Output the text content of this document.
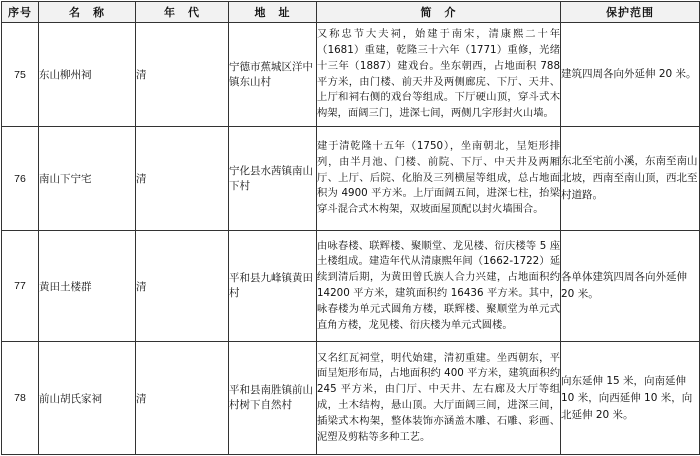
序号	名　称	年　代	地　址	简　介	保护范围
75	东山柳州祠	清	宁德市蕉城区洋中镇东山村	又称忠节大夫祠，始建于南宋，清康熙二十年（1681）重建，乾隆三十六年（1771）重修，光绪十三年（1887）建戏台。坐东朝西，占地面积 788 平方米，由门楼、前天井及两侧廊庑、下厅、天井、上厅和祠右侧的戏台等组成。下厅硬山顶，穿斗式木构架，面阔三门，进深七间，两侧几字形封火山墙。	建筑四周各向外延伸 20 米。
76	南山下宁宅	清	宁化县水茜镇南山下村	建于清乾隆十五年（1750），坐南朝北，呈矩形排列，由半月池、门楼、前院、下厅、中天井及两厢厅、上厅、后院、化胎及三列横屋等组成，总占地面积为 4900 平方米。上厅面阔五间，进深七柱，抬梁穿斗混合式木构架，双坡面屋顶配以封火墙围合。	东北至宅前小溪，东南至南山北坡，西南至南山顶，西北至村道路。
77	黄田土楼群	清	平和县九峰镇黄田村	由咏春楼、联辉楼、聚顺堂、龙见楼、衍庆楼等 5 座土楼组成。建造年代从清康熙年间（1662-1722）延续到清后期，为黄田曾氏族人合力兴建，占地面积约 14200 平方米，建筑面积约 16436 平方米。其中，咏春楼为单元式圆角方楼，联辉楼、聚顺堂为单元式直角方楼，龙见楼、衍庆楼为单元式圆楼。	各单体建筑四周各向外延伸 20 米。
78	前山胡氏家祠	清	平和县南胜镇前山村树下自然村	又名红瓦祠堂，明代始建，清初重建。坐西朝东，平面呈矩形布局，占地面积约 400 平方米，建筑面积约 245 平方米，由门厅、中天井、左右廊及大厅等组成，土木结构，悬山顶。大厅面阔三间，进深三间，插梁式木构架，整体装饰亦涵盖木雕、石雕、彩画、泥塑及剪粘等多种工艺。	向东延伸 15 米，向南延伸 10 米，向西延伸 10 米，向北延伸 20 米。
